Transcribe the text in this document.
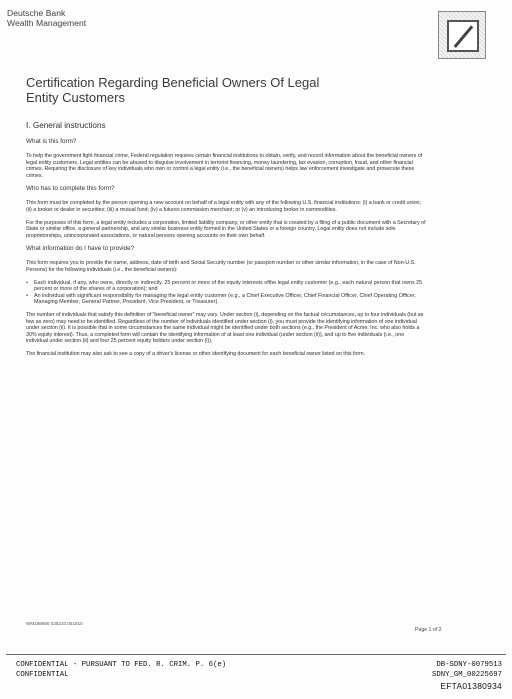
Deutsche Bank
Wealth Management
Certification Regarding Beneficial Owners Of Legal
Entity Customers
I. General instructions
What is this form?
To help the government fight financial crime, Federal regulation requires certain financial institutions to obtain, verify, and record information about the beneficial owners of legal entity customers. Legal entities can be abused to disguise involvement in terrorist financing, money laundering, tax evasion, corruption, fraud, and other financial crimes. Requiring the disclosure of key individuals who own or control a legal entity (i.e., the beneficial owners) helps law enforcement investigate and prosecute these crimes.
Who has to complete this form?
This form must be completed by the person opening a new account on behalf of a legal entity with any of the following U.S. financial institutions: (i) a bank or credit union; (ii) a broker or dealer in securities; (iii) a mutual fund; (iv) a futures commission merchant; or (v) an introducing broker in commodities.
For the purposes of this form, a legal entity includes a corporation, limited liability company, or other entity that is created by a filing of a public document with a Secretary of State or similar office, a general partnership, and any similar business entity formed in the United States or a foreign country. Legal entity does not include sole proprietorships, unincorporated associations, or natural persons opening accounts on their own behalf.
What information do I have to provide?
This form requires you to provide the name, address, date of birth and Social Security number (or passport number or other similar information, in the case of Non-U.S. Persons) for the following individuals (i.e., the beneficial owners):
• Each individual, if any, who owns, directly or indirectly, 25 percent or more of the equity interests ofthe legal entity customer (e.g., each natural person that owns 25 percent or more of the shares of a corporation); and
• An individual with significant responsibility for managing the legal entity customer (e.g., a Chief Executive Officer, Chief Financial Officer, Chief Operating Officer, Managing Member, General Partner, President, Vice President, or Treasurer).
The number of individuals that satisfy this definition of "beneficial owner" may vary. Under section (i), depending on the factual circumstances, up to four individuals (but as few as zero) may need to be identified. Regardless of the number of individuals identified under section (i), you must provide the identifying information of one individual under section (ii). It is possible that in some circumstances the same individual might be identified under both sections (e.g., the President of Acme, Inc. who also holds a 30% equity interest). Thus, a completed form will contain the identifying information of at least one individual (under section (ii)), and up to five individuals (i.e., one individual under section (ii) and four 25 percent equity holders under section (i)).
The financial institution may also ask to see a copy of a driver's license or other identifying document for each beneficial owner listed on this form.
WM188660 025210.051810
Page 1 of 2
CONFIDENTIAL - PURSUANT TO FED. R. CRIM. P. 6(e)
CONFIDENTIAL
DB-SDNY-0079513
SDNY_GM_00225697
EFTA01380934
